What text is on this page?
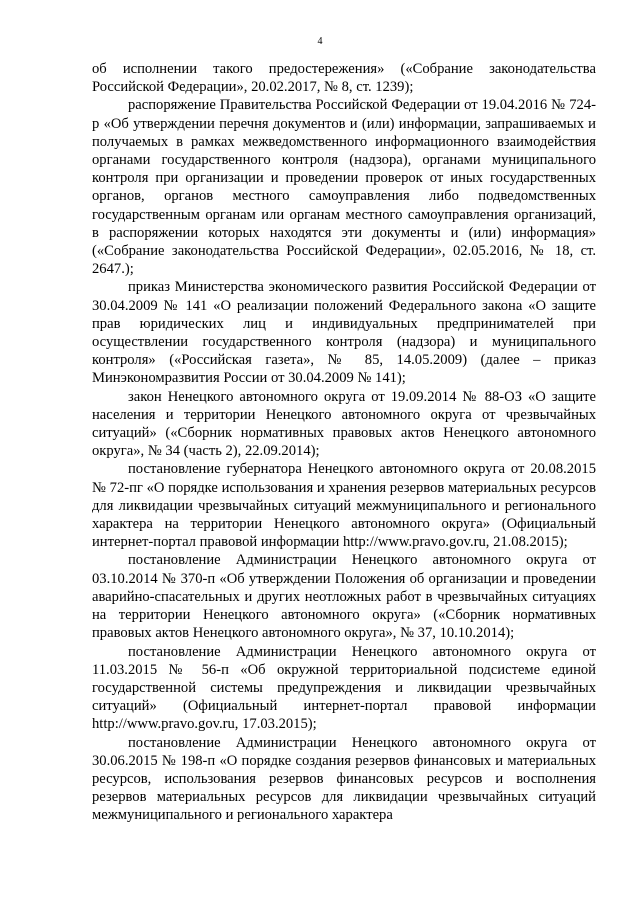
4

об исполнении такого предостережения» («Собрание законодательства Российской Федерации», 20.02.2017, № 8, ст. 1239);

распоряжение Правительства Российской Федерации от 19.04.2016 № 724-р «Об утверждении перечня документов и (или) информации, запрашиваемых и получаемых в рамках межведомственного информационного взаимодействия органами государственного контроля (надзора), органами муниципального контроля при организации и проведении проверок от иных государственных органов, органов местного самоуправления либо подведомственных государственным органам или органам местного самоуправления организаций, в распоряжении которых находятся эти документы и (или) информация» («Собрание законодательства Российской Федерации», 02.05.2016, № 18, ст. 2647.);

приказ Министерства экономического развития Российской Федерации от 30.04.2009 № 141 «О реализации положений Федерального закона «О защите прав юридических лиц и индивидуальных предпринимателей при осуществлении государственного контроля (надзора) и муниципального контроля» («Российская газета», № 85, 14.05.2009) (далее – приказ Минэкономразвития России от 30.04.2009 № 141);

закон Ненецкого автономного округа от 19.09.2014 № 88-ОЗ «О защите населения и территории Ненецкого автономного округа от чрезвычайных ситуаций» («Сборник нормативных правовых актов Ненецкого автономного округа», № 34 (часть 2), 22.09.2014);

постановление губернатора Ненецкого автономного округа от 20.08.2015 № 72-пг «О порядке использования и хранения резервов материальных ресурсов для ликвидации чрезвычайных ситуаций межмуниципального и регионального характера на территории Ненецкого автономного округа» (Официальный интернет-портал правовой информации http://www.pravo.gov.ru, 21.08.2015);

постановление Администрации Ненецкого автономного округа от 03.10.2014 № 370-п «Об утверждении Положения об организации и проведении аварийно-спасательных и других неотложных работ в чрезвычайных ситуациях на территории Ненецкого автономного округа» («Сборник нормативных правовых актов Ненецкого автономного округа», № 37, 10.10.2014);

постановление Администрации Ненецкого автономного округа от 11.03.2015 № 56-п «Об окружной территориальной подсистеме единой государственной системы предупреждения и ликвидации чрезвычайных ситуаций» (Официальный интернет-портал правовой информации http://www.pravo.gov.ru, 17.03.2015);

постановление Администрации Ненецкого автономного округа от 30.06.2015 № 198-п «О порядке создания резервов финансовых и материальных ресурсов, использования резервов финансовых ресурсов и восполнения резервов материальных ресурсов для ликвидации чрезвычайных ситуаций межмуниципального и регионального характера
